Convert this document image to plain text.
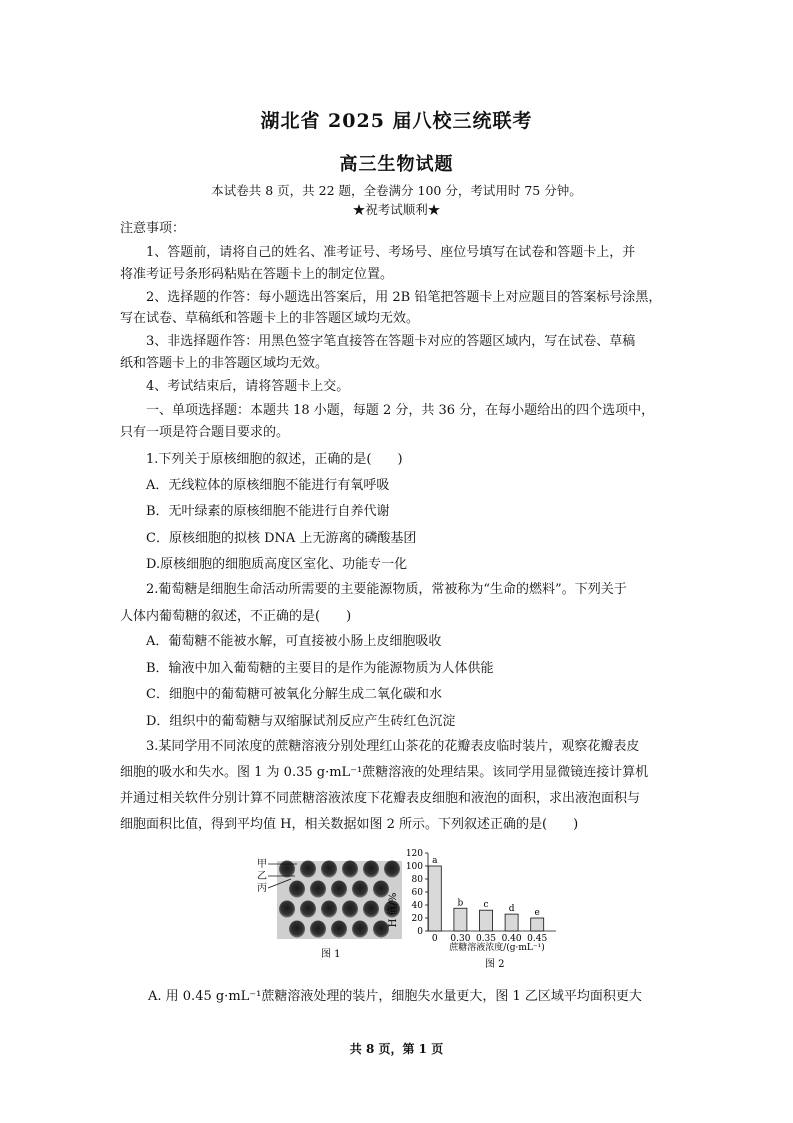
湖北省 2025 届八校三统联考
高三生物试题
本试卷共 8 页，共 22 题，全卷满分 100 分，考试用时 75 分钟。
★祝考试顺利★
注意事项：
1、答题前，请将自己的姓名、准考证号、考场号、座位号填写在试卷和答题卡上，并
将准考证号条形码粘贴在答题卡上的制定位置。
2、选择题的作答：每小题选出答案后，用 2B 铅笔把答题卡上对应题目的答案标号涂黑，
写在试卷、草稿纸和答题卡上的非答题区域均无效。
3、非选择题作答：用黑色签字笔直接答在答题卡对应的答题区域内，写在试卷、草稿
纸和答题卡上的非答题区域均无效。
4、考试结束后，请将答题卡上交。
一、单项选择题：本题共 18 小题，每题 2 分，共 36 分，在每小题给出的四个选项中，
只有一项是符合题目要求的。
1.下列关于原核细胞的叙述，正确的是(　　)
A．无线粒体的原核细胞不能进行有氧呼吸
B．无叶绿素的原核细胞不能进行自养代谢
C．原核细胞的拟核 DNA 上无游离的磷酸基团
D.原核细胞的细胞质高度区室化、功能专一化
2.葡萄糖是细胞生命活动所需要的主要能源物质，常被称为“生命的燃料”。下列关于
人体内葡萄糖的叙述，不正确的是(　　)
A．葡萄糖不能被水解，可直接被小肠上皮细胞吸收
B．输液中加入葡萄糖的主要目的是作为能源物质为人体供能
C．细胞中的葡萄糖可被氧化分解生成二氧化碳和水
D．组织中的葡萄糖与双缩脲试剂反应产生砖红色沉淀
3.某同学用不同浓度的蔗糖溶液分别处理红山茶花的花瓣表皮临时装片，观察花瓣表皮
细胞的吸水和失水。图 1 为 0.35 g·mL⁻¹蔗糖溶液的处理结果。该同学用显微镜连接计算机
并通过相关软件分别计算不同蔗糖溶液浓度下花瓣表皮细胞和液泡的面积，求出液泡面积与
细胞面积比值，得到平均值 H，相关数据如图 2 所示。下列叙述正确的是(　　)
甲
乙
丙
图 1
0
20
40
60
80
100
120
a
0
b
0.30
c
0.35
d
0.40
e
0.45
H 值/%
蔗糖溶液浓度/(g·mL⁻¹)
图 2
A. 用 0.45 g·mL⁻¹蔗糖溶液处理的装片，细胞失水量更大，图 1 乙区域平均面积更大
共 8 页，第 1 页
